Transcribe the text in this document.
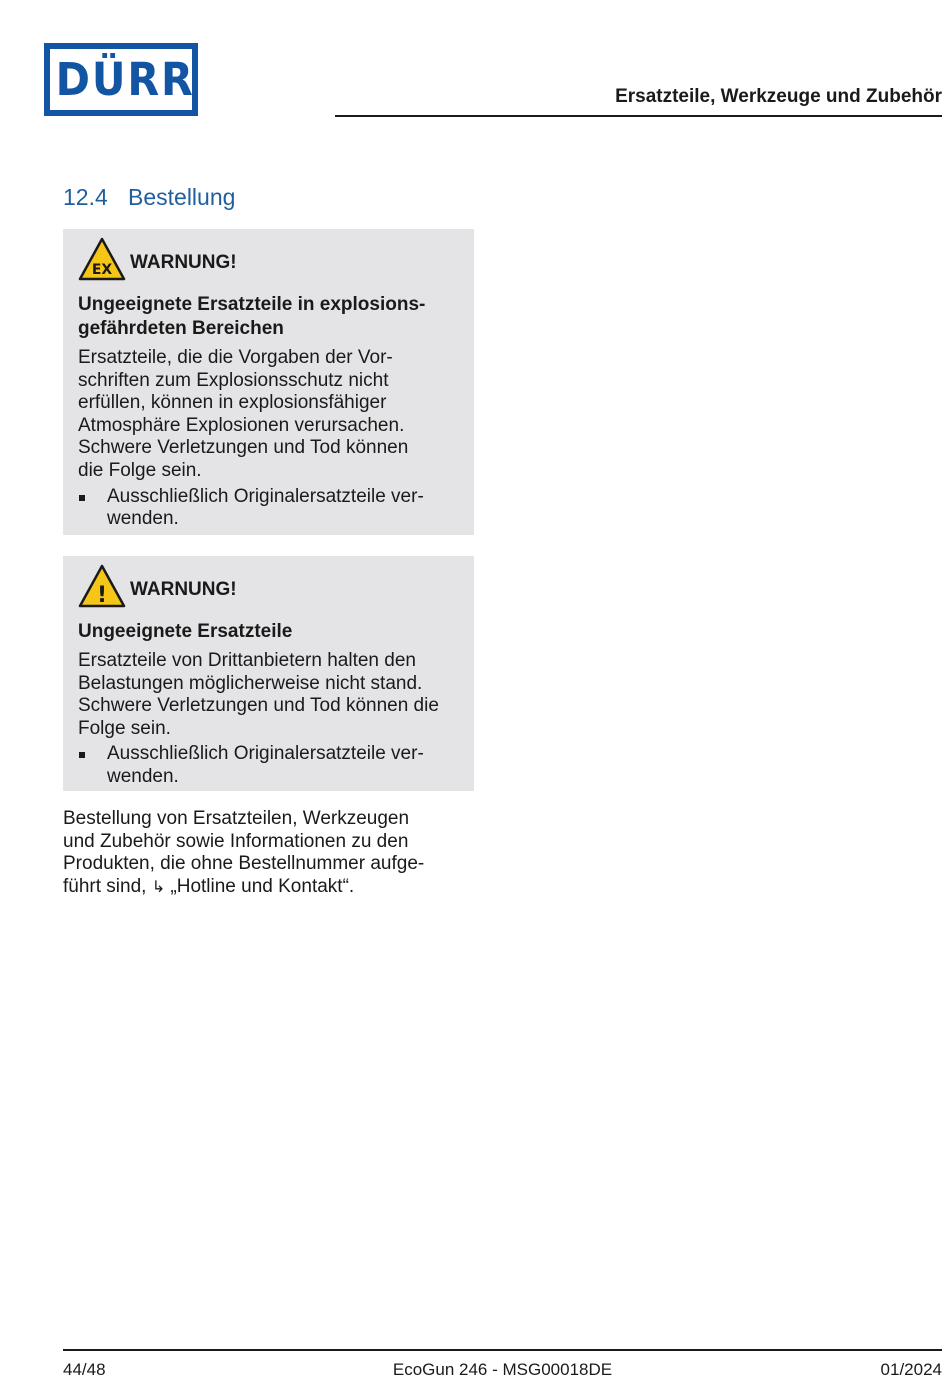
DÜRR	Ersatzteile, Werkzeuge und Zubehör
12.4 Bestellung
EX WARNUNG!
Ungeeignete Ersatzteile in explosions-
gefährdeten Bereichen
Ersatzteile, die die Vorgaben der Vor-
schriften zum Explosionsschutz nicht
erfüllen, können in explosionsfähiger
Atmosphäre Explosionen verursachen.
Schwere Verletzungen und Tod können
die Folge sein.
Ausschließlich Originalersatzteile ver-
wenden.
! WARNUNG!
Ungeeignete Ersatzteile
Ersatzteile von Drittanbietern halten den
Belastungen möglicherweise nicht stand.
Schwere Verletzungen und Tod können die
Folge sein.
Ausschließlich Originalersatzteile ver-
wenden.
Bestellung von Ersatzteilen, Werkzeugen
und Zubehör sowie Informationen zu den
Produkten, die ohne Bestellnummer aufge-
führt sind, ↳ „Hotline und Kontakt“.
44/48	EcoGun 246 - MSG00018DE	01/2024
